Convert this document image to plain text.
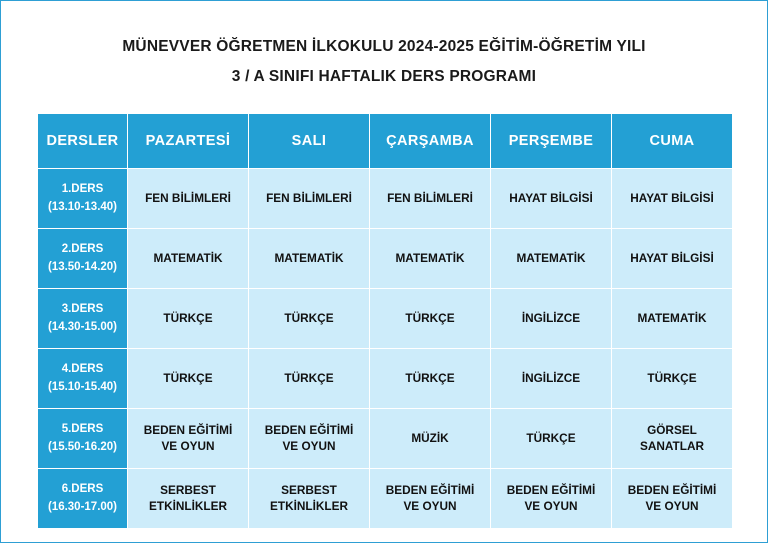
MÜNEVVER ÖĞRETMEN İLKOKULU 2024-2025 EĞİTİM-ÖĞRETİM YILI
3 / A SINIFI HAFTALIK DERS PROGRAMI
DERSLER	PAZARTESİ	SALI	ÇARŞAMBA	PERŞEMBE	CUMA

1.DERS
(13.10-13.40)	FEN BİLİMLERİ	FEN BİLİMLERİ	FEN BİLİMLERİ	HAYAT BİLGİSİ	HAYAT BİLGİSİ

2.DERS
(13.50-14.20)	MATEMATİK	MATEMATİK	MATEMATİK	MATEMATİK	HAYAT BİLGİSİ

3.DERS
(14.30-15.00)	TÜRKÇE	TÜRKÇE	TÜRKÇE	İNGİLİZCE	MATEMATİK

4.DERS
(15.10-15.40)	TÜRKÇE	TÜRKÇE	TÜRKÇE	İNGİLİZCE	TÜRKÇE

5.DERS
(15.50-16.20)	BEDEN EĞİTİMİ
VE OYUN	BEDEN EĞİTİMİ
VE OYUN	MÜZİK	TÜRKÇE	GÖRSEL
SANATLAR

6.DERS
(16.30-17.00)	SERBEST
ETKİNLİKLER	SERBEST
ETKİNLİKLER	BEDEN EĞİTİMİ
VE OYUN	BEDEN EĞİTİMİ
VE OYUN	BEDEN EĞİTİMİ
VE OYUN
